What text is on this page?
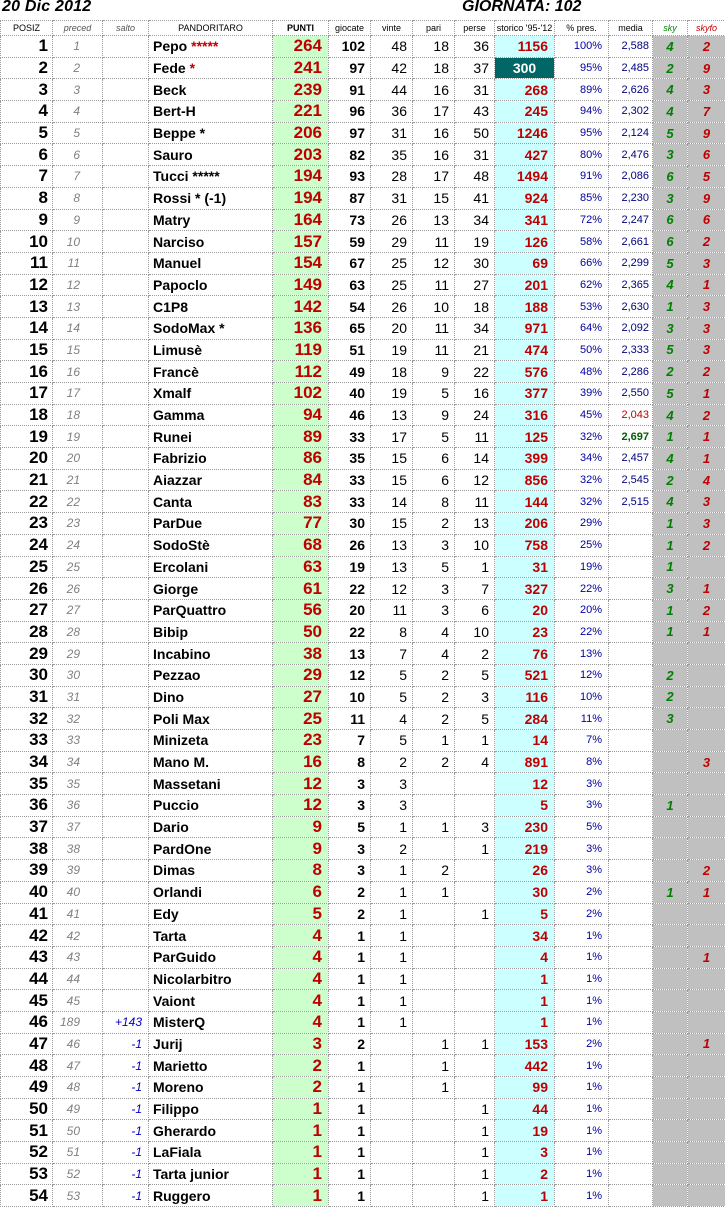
20 Dic 2012	GIORNATA: 102
POSIZ	preced	salto	PANDORITARO	PUNTI	giocate	vinte	pari	perse	storico '95-'12	% pres.	media	sky	skyfo
1	1		Pepo *****	264	102	48	18	36	1156	100%	2,588	4	2
2	2		Fede *	241	97	42	18	37	300	95%	2,485	2	9
3	3		Beck	239	91	44	16	31	268	89%	2,626	4	3
4	4		Bert-H	221	96	36	17	43	245	94%	2,302	4	7
5	5		Beppe *	206	97	31	16	50	1246	95%	2,124	5	9
6	6		Sauro	203	82	35	16	31	427	80%	2,476	3	6
7	7		Tucci *****	194	93	28	17	48	1494	91%	2,086	6	5
8	8		Rossi * (-1)	194	87	31	15	41	924	85%	2,230	3	9
9	9		Matry	164	73	26	13	34	341	72%	2,247	6	6
10	10		Narciso	157	59	29	11	19	126	58%	2,661	6	2
11	11		Manuel	154	67	25	12	30	69	66%	2,299	5	3
12	12		Papoclo	149	63	25	11	27	201	62%	2,365	4	1
13	13		C1P8	142	54	26	10	18	188	53%	2,630	1	3
14	14		SodoMax *	136	65	20	11	34	971	64%	2,092	3	3
15	15		Limusè	119	51	19	11	21	474	50%	2,333	5	3
16	16		Francè	112	49	18	9	22	576	48%	2,286	2	2
17	17		Xmalf	102	40	19	5	16	377	39%	2,550	5	1
18	18		Gamma	94	46	13	9	24	316	45%	2,043	4	2
19	19		Runei	89	33	17	5	11	125	32%	2,697	1	1
20	20		Fabrizio	86	35	15	6	14	399	34%	2,457	4	1
21	21		Aiazzar	84	33	15	6	12	856	32%	2,545	2	4
22	22		Canta	83	33	14	8	11	144	32%	2,515	4	3
23	23		ParDue	77	30	15	2	13	206	29%		1	3
24	24		SodoStè	68	26	13	3	10	758	25%		1	2
25	25		Ercolani	63	19	13	5	1	31	19%		1	
26	26		Giorge	61	22	12	3	7	327	22%		3	1
27	27		ParQuattro	56	20	11	3	6	20	20%		1	2
28	28		Bibip	50	22	8	4	10	23	22%		1	1
29	29		Incabino	38	13	7	4	2	76	13%			
30	30		Pezzao	29	12	5	2	5	521	12%		2	
31	31		Dino	27	10	5	2	3	116	10%		2	
32	32		Poli Max	25	11	4	2	5	284	11%		3	
33	33		Minizeta	23	7	5	1	1	14	7%			
34	34		Mano M.	16	8	2	2	4	891	8%			3
35	35		Massetani	12	3	3			12	3%			
36	36		Puccio	12	3	3			5	3%		1	
37	37		Dario	9	5	1	1	3	230	5%			
38	38		PardOne	9	3	2		1	219	3%			
39	39		Dimas	8	3	1	2		26	3%			2
40	40		Orlandi	6	2	1	1		30	2%		1	1
41	41		Edy	5	2	1		1	5	2%			
42	42		Tarta	4	1	1			34	1%			
43	43		ParGuido	4	1	1			4	1%			1
44	44		Nicolarbitro	4	1	1			1	1%			
45	45		Vaiont	4	1	1			1	1%			
46	189	+143	MisterQ	4	1	1			1	1%			
47	46	-1	Jurij	3	2		1	1	153	2%			1
48	47	-1	Marietto	2	1		1		442	1%			
49	48	-1	Moreno	2	1		1		99	1%			
50	49	-1	Filippo	1	1			1	44	1%			
51	50	-1	Gherardo	1	1			1	19	1%			
52	51	-1	LaFiala	1	1			1	3	1%			
53	52	-1	Tarta junior	1	1			1	2	1%			
54	53	-1	Ruggero	1	1			1	1	1%			
